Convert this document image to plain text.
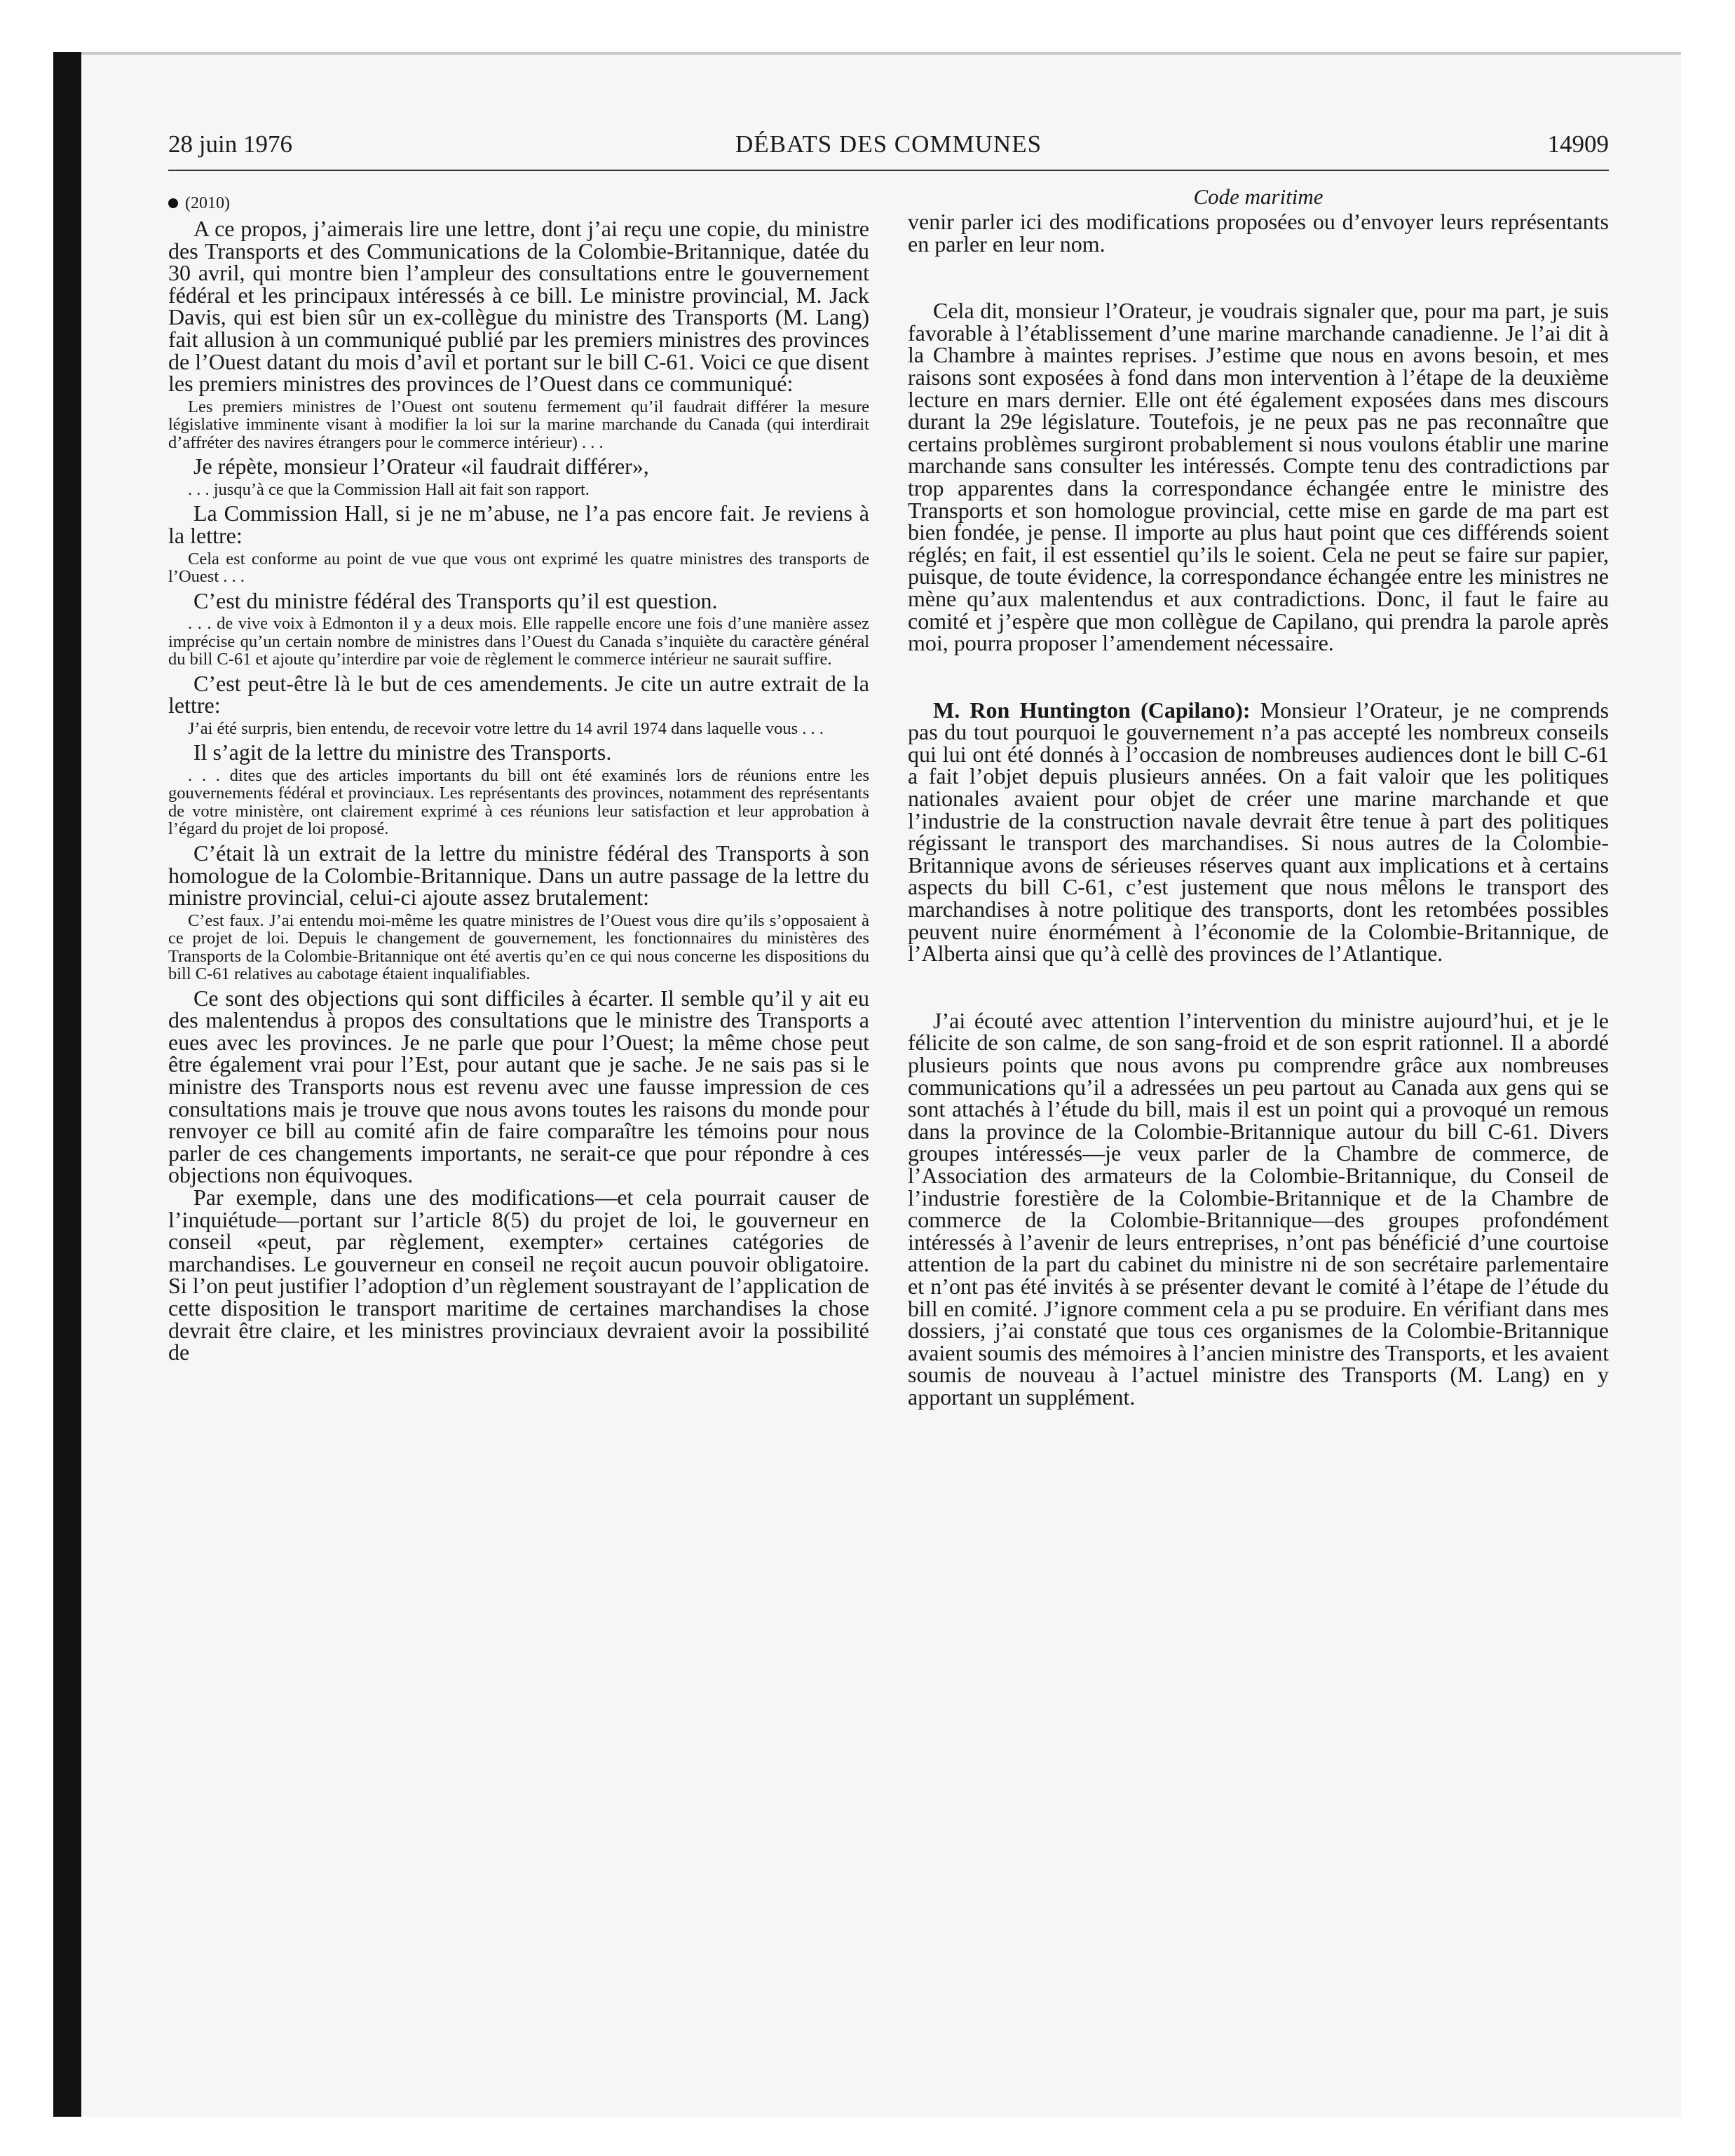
28 juin 1976	DÉBATS DES COMMUNES	14909
(2010)

A ce propos, j’aimerais lire une lettre, dont j’ai reçu une copie, du ministre des Transports et des Communications de la Colombie-Britannique, datée du 30 avril, qui montre bien l’ampleur des consultations entre le gouvernement fédéral et les principaux intéressés à ce bill. Le ministre provincial, M. Jack Davis, qui est bien sûr un ex-collègue du ministre des Transports (M. Lang) fait allusion à un communiqué publié par les premiers ministres des provinces de l’Ouest datant du mois d’avil et portant sur le bill C-61. Voici ce que disent les premiers ministres des provinces de l’Ouest dans ce communiqué:

Les premiers ministres de l’Ouest ont soutenu fermement qu’il faudrait différer la mesure législative imminente visant à modifier la loi sur la marine marchande du Canada (qui interdirait d’affréter des navires étrangers pour le commerce intérieur) . . .

Je répète, monsieur l’Orateur «il faudrait différer»,

. . . jusqu’à ce que la Commission Hall ait fait son rapport.

La Commission Hall, si je ne m’abuse, ne l’a pas encore fait. Je reviens à la lettre:

Cela est conforme au point de vue que vous ont exprimé les quatre ministres des transports de l’Ouest . . .

C’est du ministre fédéral des Transports qu’il est question.

. . . de vive voix à Edmonton il y a deux mois. Elle rappelle encore une fois d’une manière assez imprécise qu’un certain nombre de ministres dans l’Ouest du Canada s’inquiète du caractère général du bill C-61 et ajoute qu’interdire par voie de règlement le commerce intérieur ne saurait suffire.

C’est peut-être là le but de ces amendements. Je cite un autre extrait de la lettre:

J’ai été surpris, bien entendu, de recevoir votre lettre du 14 avril 1974 dans laquelle vous . . .

Il s’agit de la lettre du ministre des Transports.

. . . dites que des articles importants du bill ont été examinés lors de réunions entre les gouvernements fédéral et provinciaux. Les représentants des provinces, notamment des représentants de votre ministère, ont clairement exprimé à ces réunions leur satisfaction et leur approbation à l’égard du projet de loi proposé.

C’était là un extrait de la lettre du ministre fédéral des Transports à son homologue de la Colombie-Britannique. Dans un autre passage de la lettre du ministre provincial, celui-ci ajoute assez brutalement:

C’est faux. J’ai entendu moi-même les quatre ministres de l’Ouest vous dire qu’ils s’opposaient à ce projet de loi. Depuis le changement de gouvernement, les fonctionnaires du ministères des Transports de la Colombie-Britannique ont été avertis qu’en ce qui nous concerne les dispositions du bill C-61 relatives au cabotage étaient inqualifiables.

Ce sont des objections qui sont difficiles à écarter. Il semble qu’il y ait eu des malentendus à propos des consultations que le ministre des Transports a eues avec les provinces. Je ne parle que pour l’Ouest; la même chose peut être également vrai pour l’Est, pour autant que je sache. Je ne sais pas si le ministre des Transports nous est revenu avec une fausse impression de ces consultations mais je trouve que nous avons toutes les raisons du monde pour renvoyer ce bill au comité afin de faire comparaître les témoins pour nous parler de ces changements importants, ne serait-ce que pour répondre à ces objections non équivoques.

Par exemple, dans une des modifications—et cela pourrait causer de l’inquiétude—portant sur l’article 8(5) du projet de loi, le gouverneur en conseil «peut, par règlement, exempter» certaines catégories de marchandises. Le gouverneur en conseil ne reçoit aucun pouvoir obligatoire. Si l’on peut justifier l’adoption d’un règlement soustrayant de l’application de cette disposition le transport maritime de certaines marchandises la chose devrait être claire, et les ministres provinciaux devraient avoir la possibilité de

Code maritime

venir parler ici des modifications proposées ou d’envoyer leurs représentants en parler en leur nom.

Cela dit, monsieur l’Orateur, je voudrais signaler que, pour ma part, je suis favorable à l’établissement d’une marine marchande canadienne. Je l’ai dit à la Chambre à maintes reprises. J’estime que nous en avons besoin, et mes raisons sont exposées à fond dans mon intervention à l’étape de la deuxième lecture en mars dernier. Elle ont été également exposées dans mes discours durant la 29e législature. Toutefois, je ne peux pas ne pas reconnaître que certains problèmes surgiront probablement si nous voulons établir une marine marchande sans consulter les intéressés. Compte tenu des contradictions par trop apparentes dans la correspondance échangée entre le ministre des Transports et son homologue provincial, cette mise en garde de ma part est bien fondée, je pense. Il importe au plus haut point que ces différends soient réglés; en fait, il est essentiel qu’ils le soient. Cela ne peut se faire sur papier, puisque, de toute évidence, la correspondance échangée entre les ministres ne mène qu’aux malentendus et aux contradictions. Donc, il faut le faire au comité et j’espère que mon collègue de Capilano, qui prendra la parole après moi, pourra proposer l’amendement nécessaire.

M. Ron Huntington (Capilano): Monsieur l’Orateur, je ne comprends pas du tout pourquoi le gouvernement n’a pas accepté les nombreux conseils qui lui ont été donnés à l’occasion de nombreuses audiences dont le bill C-61 a fait l’objet depuis plusieurs années. On a fait valoir que les politiques nationales avaient pour objet de créer une marine marchande et que l’industrie de la construction navale devrait être tenue à part des politiques régissant le transport des marchandises. Si nous autres de la Colombie-Britannique avons de sérieuses réserves quant aux implications et à certains aspects du bill C-61, c’est justement que nous mêlons le transport des marchandises à notre politique des transports, dont les retombées possibles peuvent nuire énormément à l’économie de la Colombie-Britannique, de l’Alberta ainsi que qu’à cellè des provinces de l’Atlantique.

J’ai écouté avec attention l’intervention du ministre aujourd’hui, et je le félicite de son calme, de son sang-froid et de son esprit rationnel. Il a abordé plusieurs points que nous avons pu comprendre grâce aux nombreuses communications qu’il a adressées un peu partout au Canada aux gens qui se sont attachés à l’étude du bill, mais il est un point qui a provoqué un remous dans la province de la Colombie-Britannique autour du bill C-61. Divers groupes intéressés—je veux parler de la Chambre de commerce, de l’Association des armateurs de la Colombie-Britannique, du Conseil de l’industrie forestière de la Colombie-Britannique et de la Chambre de commerce de la Colombie-Britannique—des groupes profondément intéressés à l’avenir de leurs entreprises, n’ont pas bénéficié d’une courtoise attention de la part du cabinet du ministre ni de son secrétaire parlementaire et n’ont pas été invités à se présenter devant le comité à l’étape de l’étude du bill en comité. J’ignore comment cela a pu se produire. En vérifiant dans mes dossiers, j’ai constaté que tous ces organismes de la Colombie-Britannique avaient soumis des mémoires à l’ancien ministre des Transports, et les avaient soumis de nouveau à l’actuel ministre des Transports (M. Lang) en y apportant un supplément.
